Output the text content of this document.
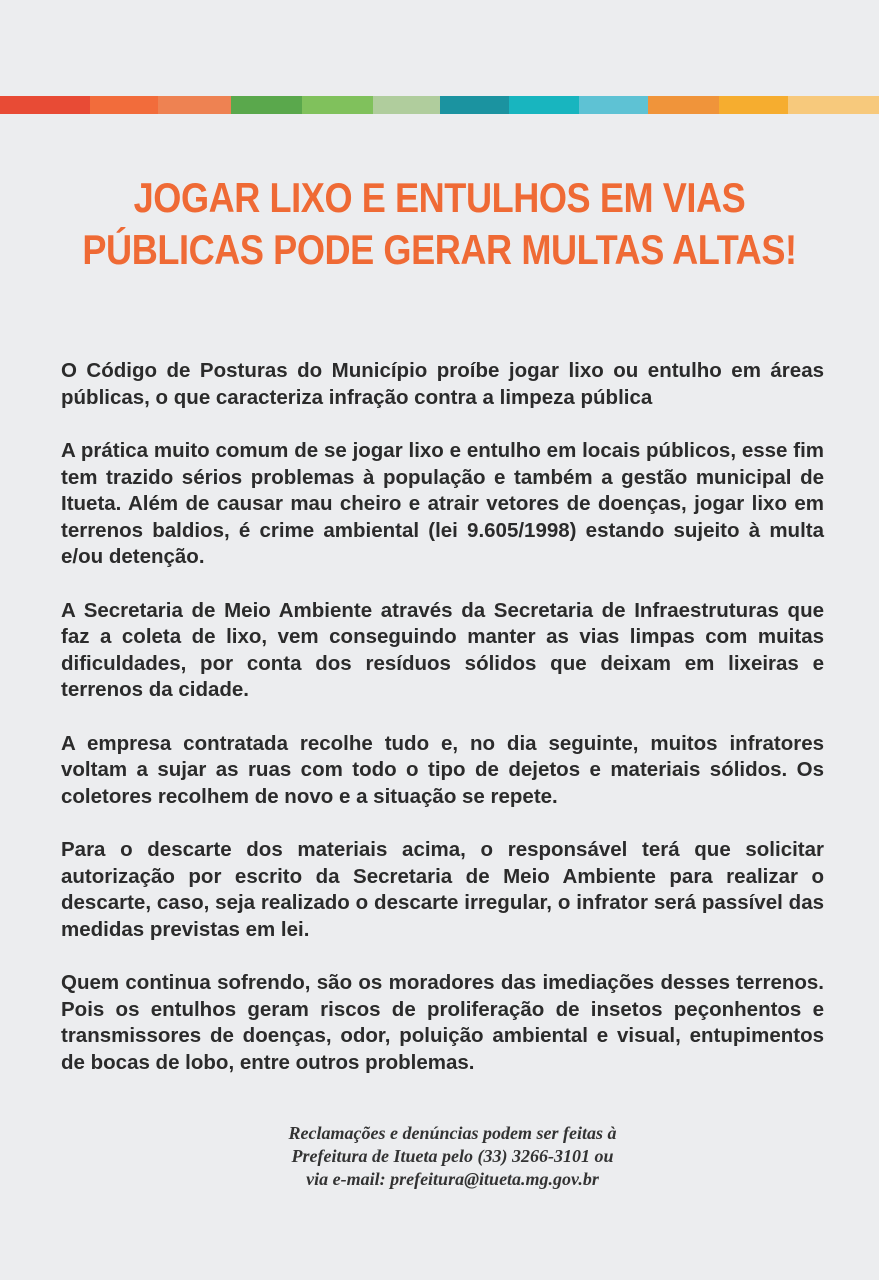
JOGAR LIXO E ENTULHOS EM VIAS
PÚBLICAS PODE GERAR MULTAS ALTAS!

O Código de Posturas do Município proíbe jogar lixo ou entulho em áreas públicas, o que caracteriza infração contra a limpeza pública

A prática muito comum de se jogar lixo e entulho em locais públicos, esse fim tem trazido sérios problemas à população e também a gestão municipal de Itueta. Além de causar mau cheiro e atrair vetores de doenças, jogar lixo em terrenos baldios, é crime ambiental (lei 9.605/1998) estando sujeito à multa e/ou detenção.

A Secretaria de Meio Ambiente através da Secretaria de Infraestruturas que faz a coleta de lixo, vem conseguindo manter as vias limpas com muitas dificuldades, por conta dos resíduos sólidos que deixam em lixeiras e terrenos da cidade.

A empresa contratada recolhe tudo e, no dia seguinte, muitos infratores voltam a sujar as ruas com todo o tipo de dejetos e materiais sólidos. Os coletores recolhem de novo e a situação se repete.

Para o descarte dos materiais acima, o responsável terá que solicitar autorização por escrito da Secretaria de Meio Ambiente para realizar o descarte, caso, seja realizado o descarte irregular, o infrator será passível das medidas previstas em lei.

Quem continua sofrendo, são os moradores das imediações desses terrenos. Pois os entulhos geram riscos de proliferação de insetos peçonhentos e transmissores de doenças, odor, poluição ambiental e visual, entupimentos de bocas de lobo, entre outros problemas.

Reclamações e denúncias podem ser feitas à
Prefeitura de Itueta pelo (33) 3266-3101 ou
via e-mail: prefeitura@itueta.mg.gov.br
